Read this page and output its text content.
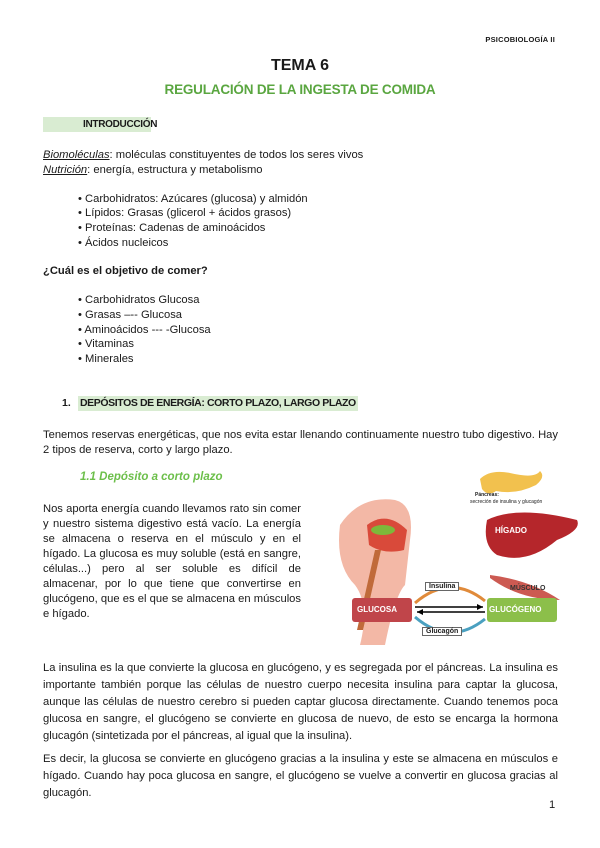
PSICOBIOLOGÍA II
TEMA 6
REGULACIÓN DE LA INGESTA DE COMIDA
INTRODUCCIÓN
Biomoléculas: moléculas constituyentes de todos los seres vivos
Nutrición: energía, estructura y metabolismo
• Carbohidratos: Azúcares (glucosa) y almidón
• Lípidos: Grasas (glicerol + ácidos grasos)
• Proteínas: Cadenas de aminoácidos
• Ácidos nucleicos
¿Cuál es el objetivo de comer?
• Carbohidratos Glucosa
• Grasas –-- Glucosa
• Aminoácidos --- -Glucosa
• Vitaminas
• Minerales
1. DEPÓSITOS DE ENERGÍA: CORTO PLAZO, LARGO PLAZO
Tenemos reservas energéticas, que nos evita estar llenando continuamente nuestro tubo digestivo. Hay 2 tipos de reserva, corto y largo plazo.
1.1 Depósito a corto plazo
Nos aporta energía cuando llevamos rato sin comer y nuestro sistema digestivo está vacío. La energía se almacena o reserva en el músculo y en el hígado. La glucosa es muy soluble (está en sangre, células...) pero al ser soluble es difícil de almacenar, por lo que tiene que convertirse en glucógeno, que es el que se almacena en músculos e hígado.
Páncreas:
secreción de insulina y glucagón
HÍGADO
MÚSCULO
GLUCOSA	GLUCÓGENO
Insulina
Glucagón
La insulina es la que convierte la glucosa en glucógeno, y es segregada por el páncreas. La insulina es importante también porque las células de nuestro cuerpo necesita insulina para captar la glucosa, aunque las células de nuestro cerebro si pueden captar glucosa directamente. Cuando tenemos poca glucosa en sangre, el glucógeno se convierte en glucosa de nuevo, de esto se encarga la hormona glucagón (sintetizada por el páncreas, al igual que la insulina).
Es decir, la glucosa se convierte en glucógeno gracias a la insulina y este se almacena en músculos e hígado. Cuando hay poca glucosa en sangre, el glucógeno se vuelve a convertir en glucosa gracias al glucagón.
1
